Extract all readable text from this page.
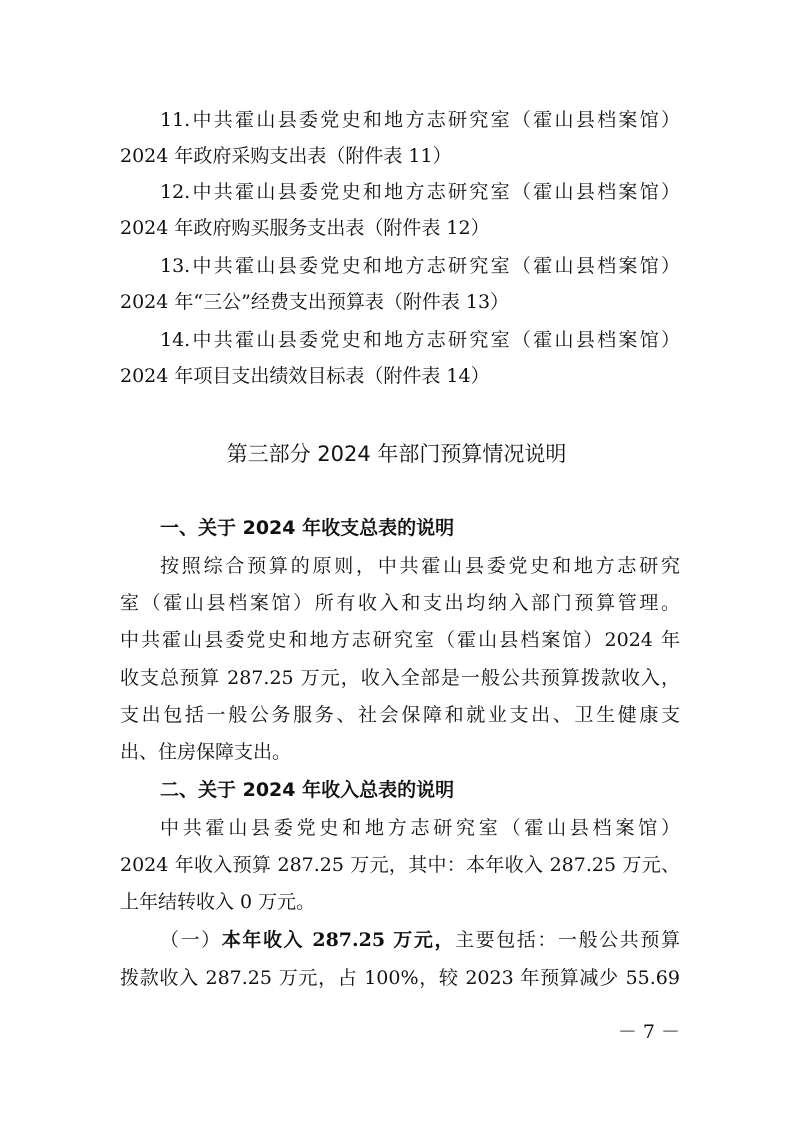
11.中共霍山县委党史和地方志研究室（霍山县档案馆）
2024 年政府采购支出表（附件表 11）
12.中共霍山县委党史和地方志研究室（霍山县档案馆）
2024 年政府购买服务支出表（附件表 12）
13.中共霍山县委党史和地方志研究室（霍山县档案馆）
2024 年“三公”经费支出预算表（附件表 13）
14.中共霍山县委党史和地方志研究室（霍山县档案馆）
2024 年项目支出绩效目标表（附件表 14）
第三部分 2024 年部门预算情况说明
一、关于 2024 年收支总表的说明
按照综合预算的原则，中共霍山县委党史和地方志研究
室（霍山县档案馆）所有收入和支出均纳入部门预算管理。
中共霍山县委党史和地方志研究室（霍山县档案馆）2024 年
收支总预算 287.25 万元，收入全部是一般公共预算拨款收入，
支出包括一般公务服务、社会保障和就业支出、卫生健康支
出、住房保障支出。
二、关于 2024 年收入总表的说明
中共霍山县委党史和地方志研究室（霍山县档案馆）
2024 年收入预算 287.25 万元，其中：本年收入 287.25 万元、
上年结转收入 0 万元。
（一）本年收入 287.25 万元，主要包括：一般公共预算
拨款收入 287.25 万元，占 100%，较 2023 年预算减少 55.69
－ 7 －
